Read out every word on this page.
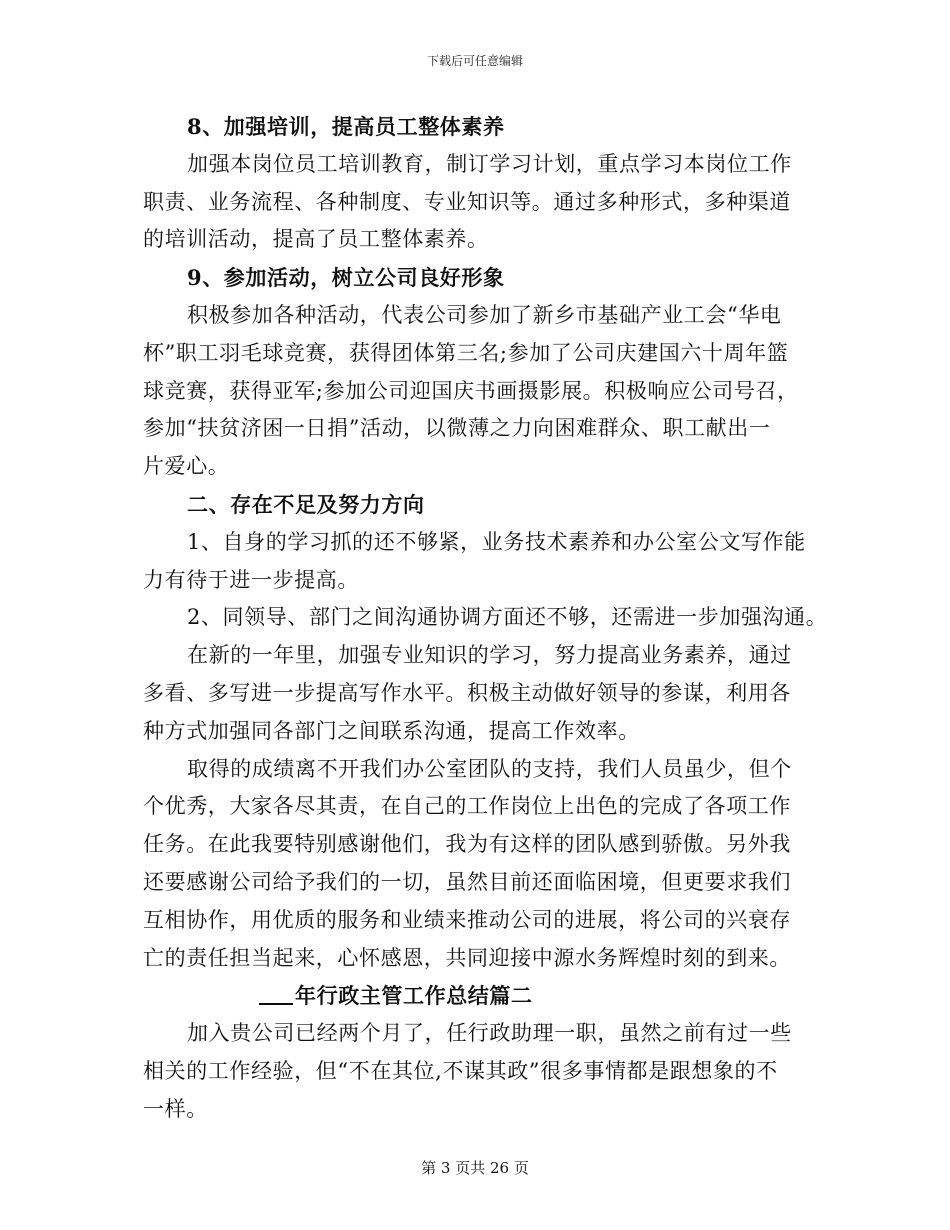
下载后可任意编辑
8、加强培训，提高员工整体素养
加强本岗位员工培训教育，制订学习计划，重点学习本岗位工作
职责、业务流程、各种制度、专业知识等。通过多种形式，多种渠道
的培训活动，提高了员工整体素养。
9、参加活动，树立公司良好形象
积极参加各种活动，代表公司参加了新乡市基础产业工会“华电
杯”职工羽毛球竞赛，获得团体第三名;参加了公司庆建国六十周年篮
球竞赛，获得亚军;参加公司迎国庆书画摄影展。积极响应公司号召，
参加“扶贫济困一日捐”活动，以微薄之力向困难群众、职工献出一
片爱心。
二、存在不足及努力方向
1、自身的学习抓的还不够紧，业务技术素养和办公室公文写作能
力有待于进一步提高。
2、同领导、部门之间沟通协调方面还不够，还需进一步加强沟通。
在新的一年里，加强专业知识的学习，努力提高业务素养，通过
多看、多写进一步提高写作水平。积极主动做好领导的参谋，利用各
种方式加强同各部门之间联系沟通，提高工作效率。
取得的成绩离不开我们办公室团队的支持，我们人员虽少，但个
个优秀，大家各尽其责，在自己的工作岗位上出色的完成了各项工作
任务。在此我要特别感谢他们，我为有这样的团队感到骄傲。另外我
还要感谢公司给予我们的一切，虽然目前还面临困境，但更要求我们
互相协作，用优质的服务和业绩来推动公司的进展，将公司的兴衰存
亡的责任担当起来，心怀感恩，共同迎接中源水务辉煌时刻的到来。
年行政主管工作总结篇二
加入贵公司已经两个月了，任行政助理一职，虽然之前有过一些
相关的工作经验，但“不在其位,不谋其政”很多事情都是跟想象的不
一样。
第 3 页共 26 页
